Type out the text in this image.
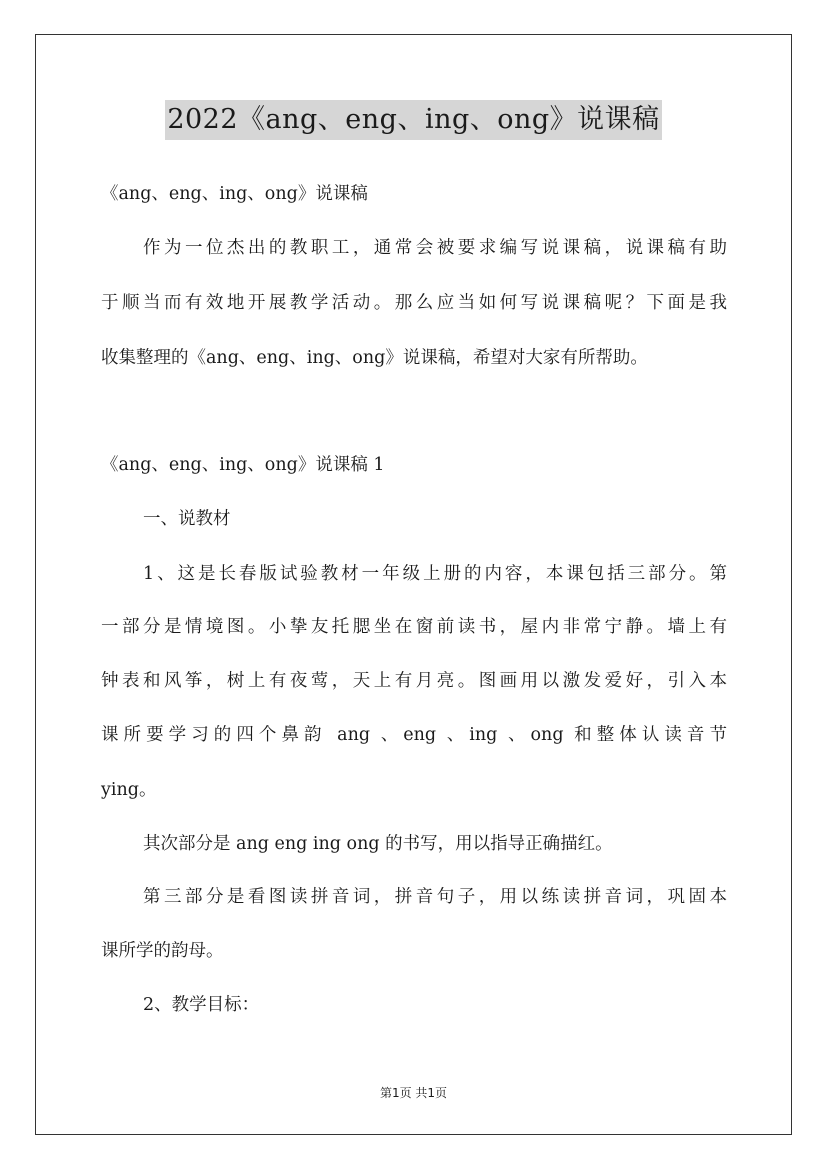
2022《ang、eng、ing、ong》说课稿
《ang、eng、ing、ong》说课稿
作为一位杰出的教职工，通常会被要求编写说课稿，说课稿有助
于顺当而有效地开展教学活动。那么应当如何写说课稿呢？下面是我
收集整理的《ang、eng、ing、ong》说课稿，希望对大家有所帮助。
《ang、eng、ing、ong》说课稿 1
一、说教材
1、这是长春版试验教材一年级上册的内容，本课包括三部分。第
一部分是情境图。小挚友托腮坐在窗前读书，屋内非常宁静。墙上有
钟表和风筝，树上有夜莺，天上有月亮。图画用以激发爱好，引入本
课所要学习的四个鼻韵 ang 、eng 、ing 、ong 和整体认读音节
ying。
其次部分是 ang eng ing ong 的书写，用以指导正确描红。
第三部分是看图读拼音词，拼音句子，用以练读拼音词，巩固本
课所学的韵母。
2、教学目标：
第1页 共1页
